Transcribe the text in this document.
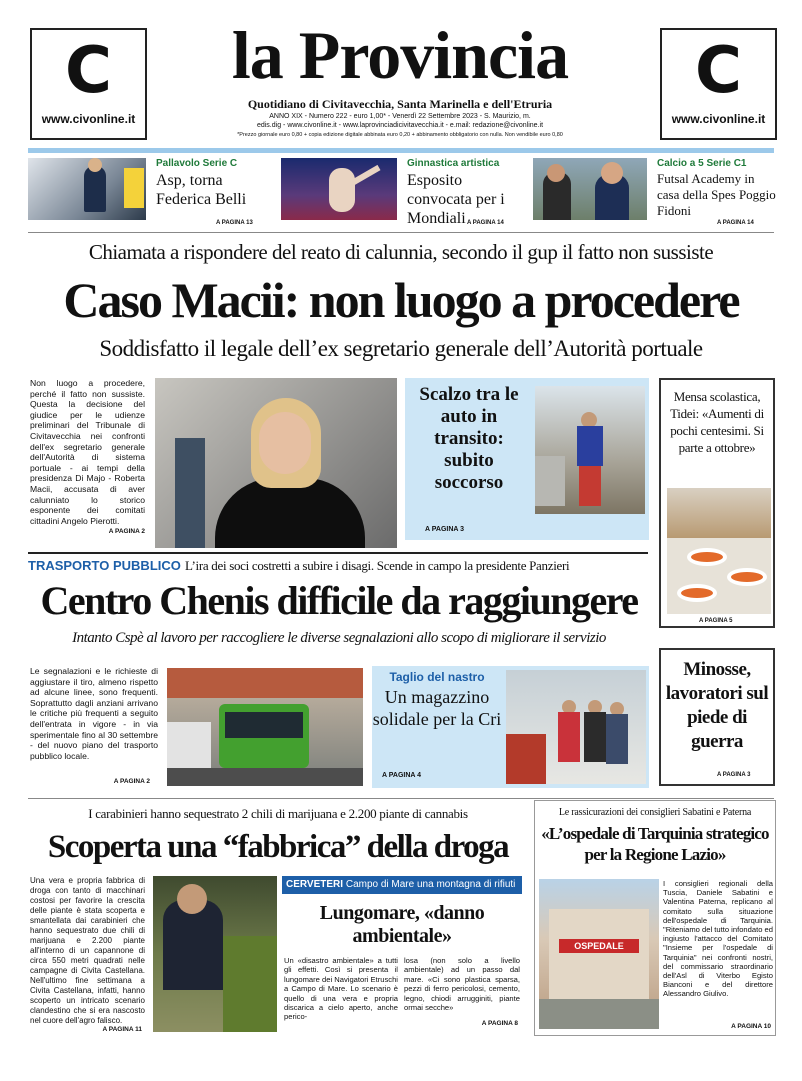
C
www.civonline.it
C
www.civonline.it
la Provincia
Quotidiano di Civitavecchia, Santa Marinella e dell'Etruria
ANNO XIX - Numero 222 - euro 1,00* - Venerdì 22 Settembre 2023 - S. Maurizio, m.
edis.dig - www.civonline.it - www.laprovinciadicivitavecchia.it - e.mail: redazione@civonline.it
*Prezzo giornale euro 0,80 + copia edizione digitale abbinata euro 0,20 + abbinamento obbligatorio con nulla. Non vendibile euro 0,80
Pallavolo Serie C
Asp, torna Federica Belli
A PAGINA 13
Ginnastica artistica
Esposito convocata per i Mondiali A PAGINA 14
Calcio a 5 Serie C1
Futsal Academy in casa della Spes Poggio Fidoni
A PAGINA 14
Chiamata a rispondere del reato di calunnia, secondo il gup il fatto non sussiste
Caso Macii: non luogo a procedere
Soddisfatto il legale dell’ex segretario generale dell’Autorità portuale
Non luogo a procedere, perché il fatto non sussiste. Questa la decisione del giudice per le udienze preliminari del Tribunale di Civitavecchia nei confronti dell'ex segretario generale dell'Autorità di sistema portuale - ai tempi della presidenza Di Majo - Roberta Macii, accusata di aver calunniato lo storico esponente dei comitati cittadini Angelo Pierotti.
A PAGINA 2
Scalzo tra le auto in transito: subito soccorso
A PAGINA 3
Mensa scolastica, Tidei: «Aumenti di pochi centesimi. Si parte a ottobre»
A PAGINA 5
TRASPORTO PUBBLICO L’ira dei soci costretti a subire i disagi. Scende in campo la presidente Panzieri
Centro Chenis difficile da raggiungere
Intanto Cspè al lavoro per raccogliere le diverse segnalazioni allo scopo di migliorare il servizio
Le segnalazioni e le richieste di aggiustare il tiro, almeno rispetto ad alcune linee, sono frequenti. Soprattutto dagli anziani arrivano le critiche più frequenti a seguito dell'entrata in vigore - in via sperimentale fino al 30 settembre - del nuovo piano del trasporto pubblico locale.
A PAGINA 2
Taglio del nastro
Un magazzino solidale per la Cri
A PAGINA 4
Minosse, lavoratori sul piede di guerra
A PAGINA 3
I carabinieri hanno sequestrato 2 chili di marijuana e 2.200 piante di cannabis
Scoperta una “fabbrica” della droga
Una vera e propria fabbrica di droga con tanto di macchinari costosi per favorire la crescita delle piante è stata scoperta e smantellata dai carabinieri che hanno sequestrato due chili di marijuana e 2.200 piante all'interno di un capannone di circa 550 metri quadrati nelle campagne di Civita Castellana. Nell'ultimo fine settimana a Civita Castellana, infatti, hanno scoperto un intricato scenario clandestino che si era nascosto nel cuore dell'agro falisco.
A PAGINA 11
CERVETERI Campo di Mare una montagna di rifiuti
Lungomare, «danno ambientale»
Un «disastro ambientale» a tutti gli effetti. Così si presenta il lungomare dei Navigatori Etruschi a Campo di Mare. Lo scenario è quello di una vera e propria discarica a cielo aperto, anche perico-
losa (non solo a livello ambientale) ad un passo dal mare. «Ci sono plastica sparsa, pezzi di ferro pericolosi, cemento, legno, chiodi arrugginiti, piante ormai secche»
A PAGINA 8
Le rassicurazioni dei consiglieri Sabatini e Paterna
«L’ospedale di Tarquinia strategico per la Regione Lazio»
OSPEDALE
I consiglieri regionali della Tuscia, Daniele Sabatini e Valentina Paterna, replicano al comitato sulla situazione dell'ospedale di Tarquinia. "Riteniamo del tutto infondato ed ingiusto l'attacco del Comitato "Insieme per l'ospedale di Tarquinia" nei confronti nostri, del commissario straordinario dell'Asl di Viterbo Egisto Bianconi e del direttore Alessandro Giulivo.
A PAGINA 10
